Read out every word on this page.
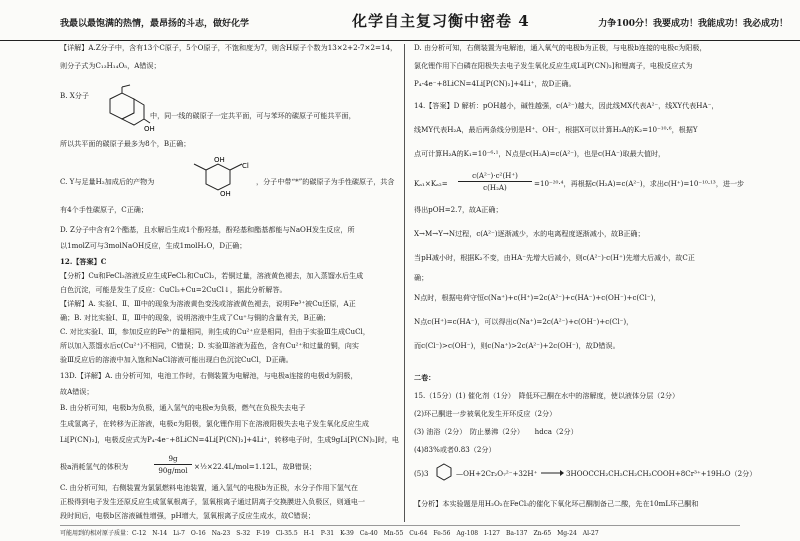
我最以最饱满的热情，最昂扬的斗志，做好化学	化学自主复习衡中密卷 4	力争100分！我要成功！我能成功！我必成功！
【详解】A.Z分子中，含有13个C原子，5个O原子，不饱和度为7，则含H原子个数为13×2+2-7×2=14，
则分子式为C₁₃H₁₄O₅，A错误；
OH
B. X分子
中，同一线的碳原子一定共平面，可与苯环的碳原子可能共平面，
所以共平面的碳原子最多为8个，B正确；
OH
Cl
OH
C. Y与足量H₂加成后的产物为	，分子中带“*”的碳原子为手性碳原子，共含
有4个手性碳原子，C正确；
D. Z分子中含有2个酯基，且水解后生成1个酚羟基，酚羟基和酯基都能与NaOH发生反应，所
以1molZ可与3molNaOH反应，生成1molH₂O，D正确；
12.【答案】C
【分析】Cu和FeCl₃溶液反应生成FeCl₂和CuCl₂，若铜过量，溶液黄色褪去，加入蒸馏水后生成
白色沉淀，可能是发生了反应：CuCl₂+Cu=2CuCl↓，据此分析解答。
【详解】A. 实验Ⅰ、Ⅱ、Ⅲ中的现象为溶液黄色变浅或溶液黄色褪去，说明Fe³⁺被Cu还原，A正
确；B. 对比实验Ⅰ、Ⅱ，Ⅲ中的现象，说明溶液中生成了Cu⁺与铜的含量有关，B正确；
C. 对比实验Ⅰ、Ⅲ，参加反应的Fe³⁺的量相同，则生成的Cu²⁺应是相同，但由于实验Ⅲ生成CuCl，
所以加入蒸馏水后c(Cu²⁺)不相同，C错误；D. 实验Ⅲ溶液为蓝色，含有Cu²⁺和过量的铜，向实
验Ⅲ反应后的溶液中加入饱和NaCl溶液可能出现白色沉淀CuCl，D正确。
13D.【详解】A. 由分析可知，电池工作时，右侧装置为电解池，与电极a连接的电极d为阴极，
故A错误；
B. 由分析可知，电极b为负极，通入氢气的电极e为负极，燃气在负极失去电子
生成氢离子，在转移为正溶液，电极c为阳极，氯化锂作用下在溶液阳极失去电子发生氧化反应生成
Li[P(CN)₂]，电极反应式为P₄-4e⁻+8LiCN=4Li[P(CN)₂]+4Li⁺，转移电子时，生成9gLi[P(CN)₂]时，电
极a消耗氢气的体积为
9g
90g/mol ×½×22.4L/mol=1.12L，故B错误；
C. 由分析可知，右侧装置为氯氯燃料电池装置，通入氢气的电极b为正极，水分子作用下氢气在
正极得到电子发生还原反应生成氢氧根离子，氢氧根离子通过阴离子交换膜进入负极区，则通电一
段时间后，电极b区溶液碱性增强，pH增大，氢氧根离子反应生成水，故C错误；
D. 由分析可知，右侧装置为电解池，通入氧气的电极b为正极，与电极b连接的电极c为阳极，
氯化锂作用下白磷在阳极失去电子发生氧化反应生成Li[P(CN)₂]和锂离子，电极反应式为
P₄-4e⁻+8LiCN=4Li[P(CN)₂]+4Li⁺，故D正确。
14.【答案】D 解析：pOH越小，碱性越强，c(A²⁻)越大，因此线MX代表A²⁻，线XY代表HA⁻，
线MY代表H₂A，最后两条线分别是H⁺、OH⁻，根据X可以计算H₂A的K₂=10⁻¹⁰·⁶，根据Y
点可计算H₂A的K₁=10⁻⁶·¹，N点是c(H₂A)=c(A²⁻)，也是c(HA⁻)取最大值时，
Kₐ₁×Kₐ₂=
c(A²⁻)·c²(H⁺)
c(H₂A)	=10⁻²⁰·⁴，再根据c(H₂A)=c(A²⁻)，求出c(H⁺)=10⁻¹⁰·¹³，进一步
得出pOH=2.7，故A正确；
X→M→Y→N过程，c(A²⁻)逐渐减少，水的电离程度逐渐减小，故B正确；
当pH减小时，根据K₂不变，由HA⁻先增大后减小，则c(A²⁻)·c(H⁺)先增大后减小，故C正
确；
N点时，根据电荷守恒c(Na⁺)+c(H⁺)=2c(A²⁻)+c(HA⁻)+c(OH⁻)+c(Cl⁻)，
N点c(H⁺)=c(HA⁻)，可以得出c(Na⁺)=2c(A²⁻)+c(OH⁻)+c(Cl⁻)，
而c(Cl⁻)>c(OH⁻)，则c(Na⁺)>2c(A²⁻)+2c(OH⁻)，故D错误。
二卷：
15.（15分）(1) 催化剂（1分）　降低环己酮在水中的溶解度，使以液体分层（2分）
(2)环己酮进一步被氧化发生开环反应（2分）
(3) 油浴（2分）　防止暴沸（2分）　　hdca（2分）
(4)83%或者0.83（2分）
(5)3	—OH+2Cr₂O₇²⁻+32H⁺ → 3HOOCCH₂CH₂CH₂CH₂COOH+8Cr³⁺+19H₂O（2分）
【分析】本实验题是用H₂O₂在FeCl₃的催化下氧化环己酮制备己二酸，先在10mL环己酮和
可能用到的相对原子质量：C-12　N-14　Li-7　O-16　Na-23　S-32　F-19　Cl-35.5　H-1　P-31　K-39　Ca-40　Mn-55　Cu-64　Fe-56　Ag-108　I-127　Ba-137　Zn-65　Mg-24　Al-27
